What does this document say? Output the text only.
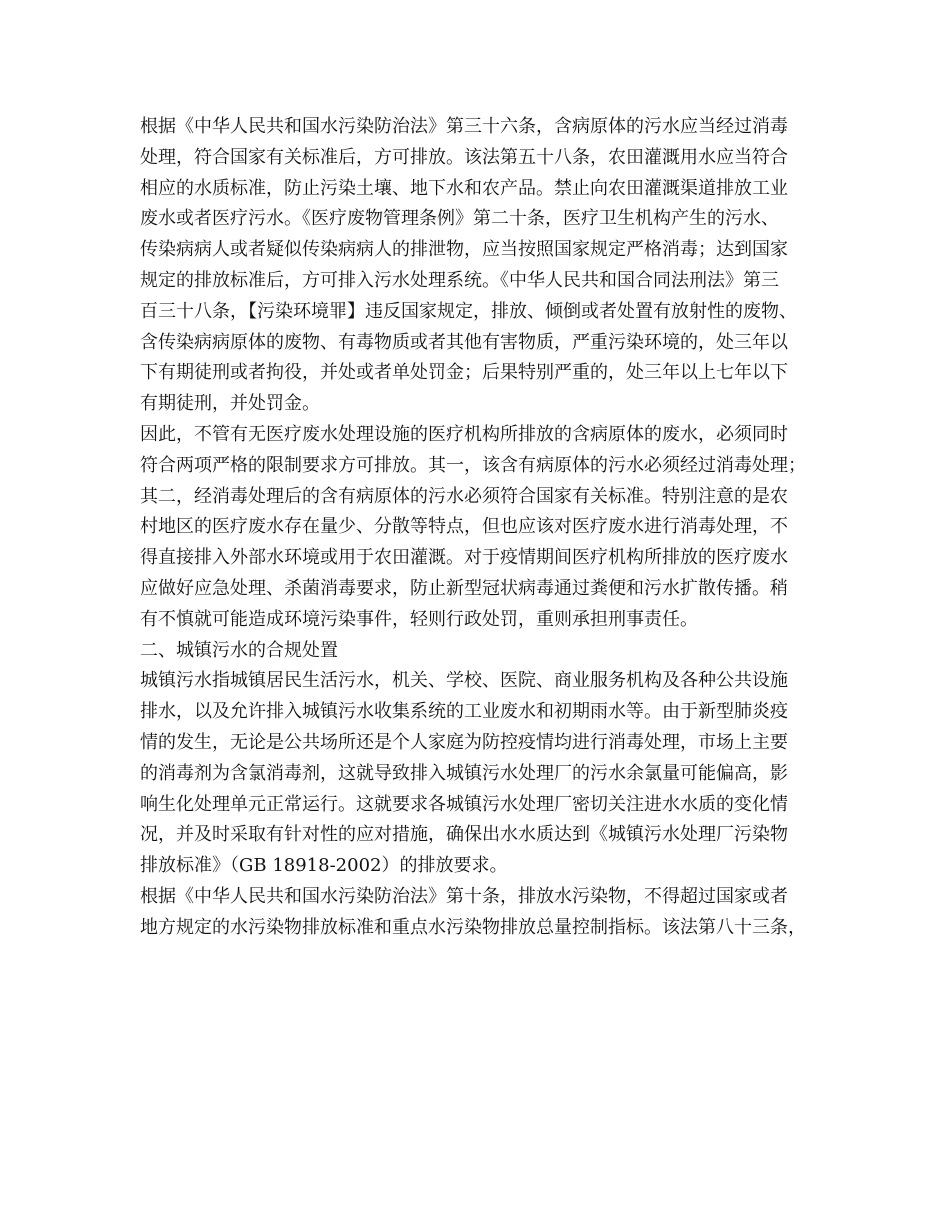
根据《中华人民共和国水污染防治法》第三十六条，含病原体的污水应当经过消毒
处理，符合国家有关标准后，方可排放。该法第五十八条，农田灌溉用水应当符合
相应的水质标准，防止污染土壤、地下水和农产品。禁止向农田灌溉渠道排放工业
废水或者医疗污水。《医疗废物管理条例》第二十条，医疗卫生机构产生的污水、
传染病病人或者疑似传染病病人的排泄物，应当按照国家规定严格消毒；达到国家
规定的排放标准后，方可排入污水处理系统。《中华人民共和国合同法刑法》第三
百三十八条，【污染环境罪】违反国家规定，排放、倾倒或者处置有放射性的废物、
含传染病病原体的废物、有毒物质或者其他有害物质，严重污染环境的，处三年以
下有期徒刑或者拘役，并处或者单处罚金；后果特别严重的，处三年以上七年以下
有期徒刑，并处罚金。
因此，不管有无医疗废水处理设施的医疗机构所排放的含病原体的废水，必须同时
符合两项严格的限制要求方可排放。其一，该含有病原体的污水必须经过消毒处理；
其二，经消毒处理后的含有病原体的污水必须符合国家有关标准。特别注意的是农
村地区的医疗废水存在量少、分散等特点，但也应该对医疗废水进行消毒处理，不
得直接排入外部水环境或用于农田灌溉。对于疫情期间医疗机构所排放的医疗废水
应做好应急处理、杀菌消毒要求，防止新型冠状病毒通过粪便和污水扩散传播。稍
有不慎就可能造成环境污染事件，轻则行政处罚，重则承担刑事责任。
二、城镇污水的合规处置
城镇污水指城镇居民生活污水，机关、学校、医院、商业服务机构及各种公共设施
排水，以及允许排入城镇污水收集系统的工业废水和初期雨水等。由于新型肺炎疫
情的发生，无论是公共场所还是个人家庭为防控疫情均进行消毒处理，市场上主要
的消毒剂为含氯消毒剂，这就导致排入城镇污水处理厂的污水余氯量可能偏高，影
响生化处理单元正常运行。这就要求各城镇污水处理厂密切关注进水水质的变化情
况，并及时采取有针对性的应对措施，确保出水水质达到《城镇污水处理厂污染物
排放标准》（GB 18918-2002）的排放要求。
根据《中华人民共和国水污染防治法》第十条，排放水污染物，不得超过国家或者
地方规定的水污染物排放标准和重点水污染物排放总量控制指标。该法第八十三条，
